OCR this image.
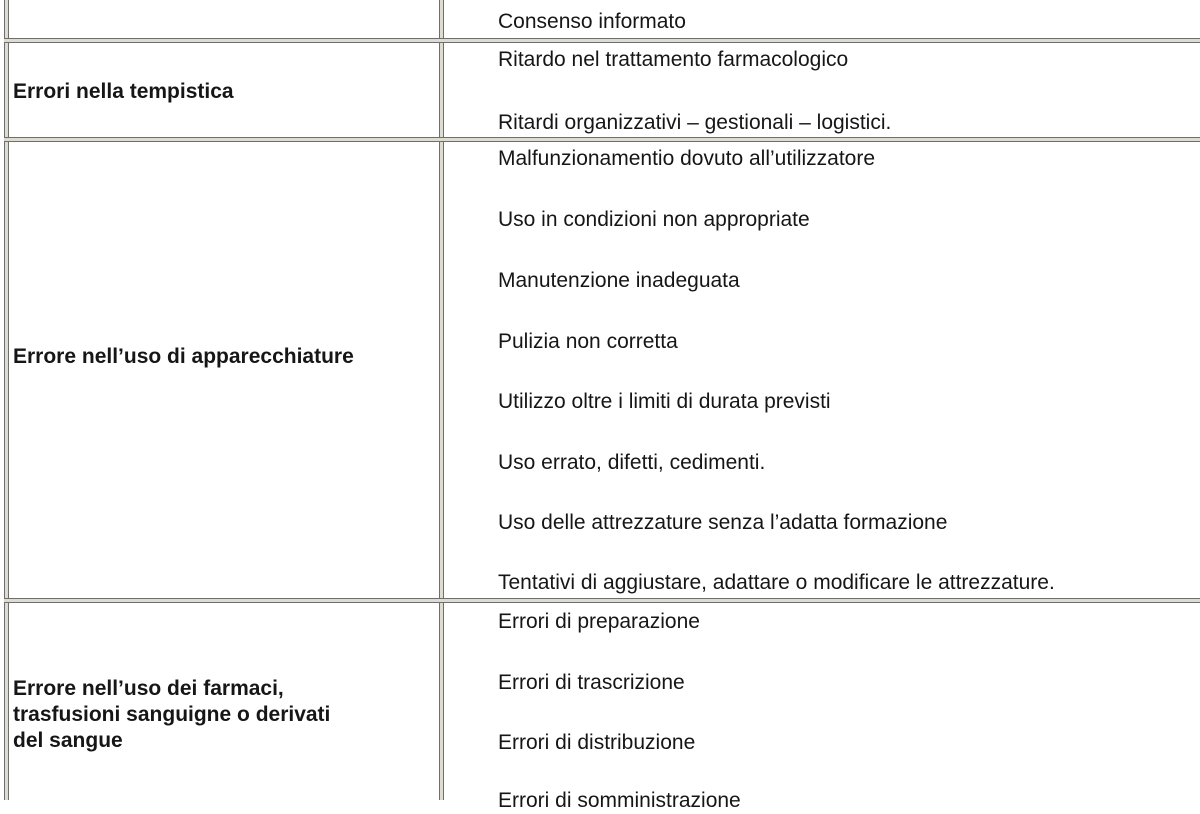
Consenso informato
Errori nella tempistica
Ritardo nel trattamento farmacologico
Ritardi organizzativi – gestionali – logistici.
Errore nell’uso di apparecchiature
Malfunzionamentio dovuto all’utilizzatore
Uso in condizioni non appropriate
Manutenzione inadeguata
Pulizia non corretta
Utilizzo oltre i limiti di durata previsti
Uso errato, difetti, cedimenti.
Uso delle attrezzature senza l’adatta formazione
Tentativi di aggiustare, adattare o modificare le attrezzature.
Errore nell’uso dei farmaci,
trasfusioni sanguigne o derivati
del sangue
Errori di preparazione
Errori di trascrizione
Errori di distribuzione
Errori di somministrazione
